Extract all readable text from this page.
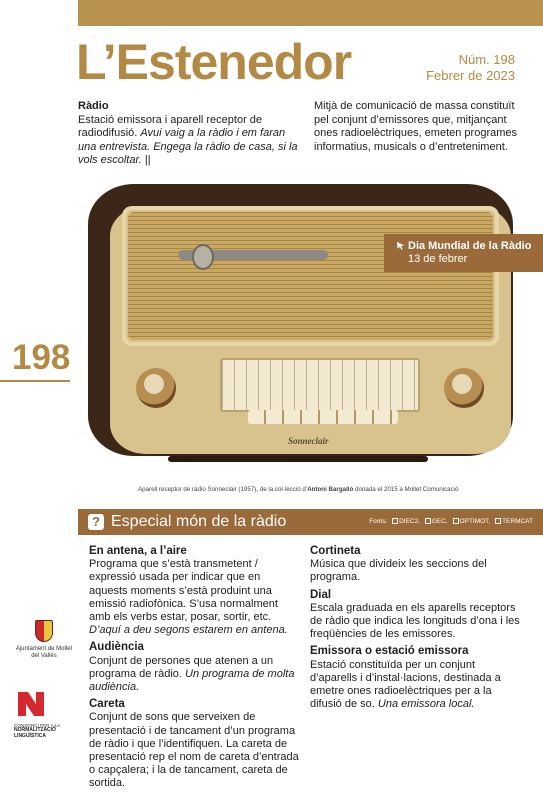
L’Estenedor	Núm. 198
Febrer de 2023
Ràdio
Estació emissora i aparell receptor de radiodifusió. Avui vaig a la ràdio i em faran una entrevista. Engega la ràdio de casa, si la vols escoltar. ||
Mitjà de comunicació de massa constituït pel conjunt d’emissores que, mitjançant ones radioelèctriques, emeten programes informatius, musicals o d’entreteniment.
Sonneclair
Dia Mundial de la Ràdio
13 de febrer
198
Aparell receptor de ràdio Sonneclair (1957), de la col·lecció d’Antoni Bargalló donada el 2015 a Mollet Comunicació
? Especial món de la ràdio	Fonts: DIEC2, GEC, OPTIMOT, TERMCAT
En antena, a l’aire
Programa que s’està transmetent / expressió usada per indicar que en aquests moments s’està produint una emissió radiofònica. S’usa normalment amb els verbs estar, posar, sortir, etc. D’aquí a deu segons estarem en antena.
Audiència
Conjunt de persones que atenen a un programa de ràdio. Un programa de molta audiència.
Careta
Conjunt de sons que serveixen de presentació i de tancament d’un programa de ràdio i que l’identifiquen. La careta de presentació rep el nom de careta d’entrada o capçalera; i la de tancament, careta de sortida.
Cortineta
Música que divideix les seccions del programa.
Dial
Escala graduada en els aparells receptors de ràdio que indica les longituds d’ona i les freqüències de les emissores.
Emissora o estació emissora
Estació constituïda per un conjunt d’aparells i d’instal·lacions, destinada a emetre ones radioelèctriques per a la difusió de so. Una emissora local.
Ajuntament de Mollet del Vallès
CONSORCI PER A LA
NORMALITZACIÓ
LINGÜÍSTICA
